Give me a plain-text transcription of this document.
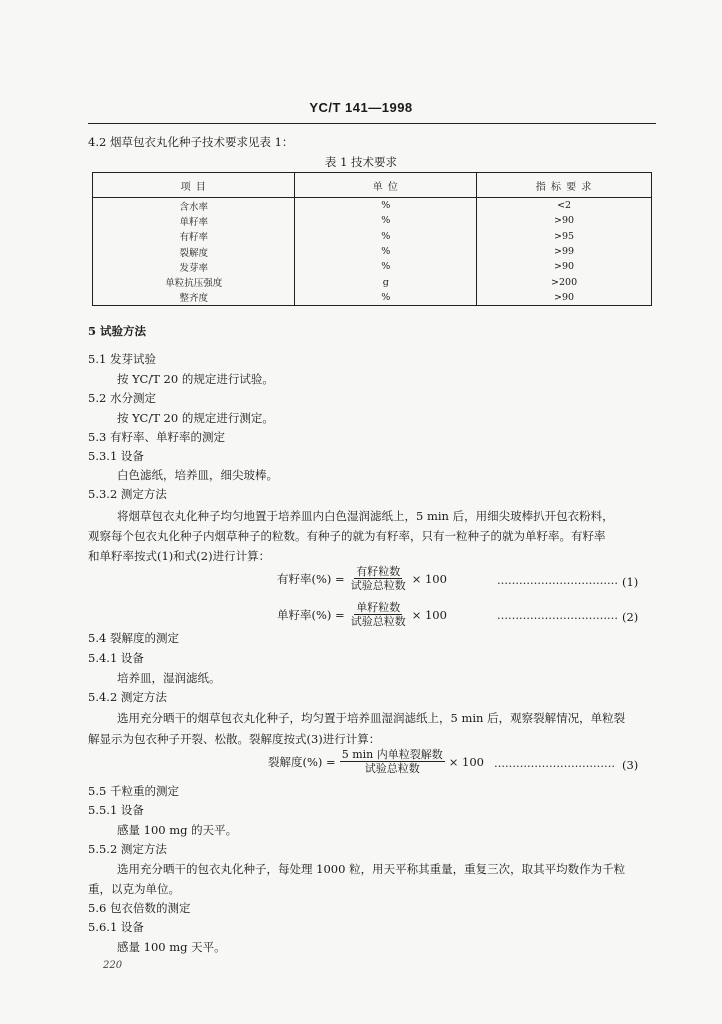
YC/T 141—1998
4.2 烟草包衣丸化种子技术要求见表 1：
表 1 技术要求
项 目	单 位	指 标 要 求
含水率	%	<2
单籽率	%	>90
有籽率	%	>95
裂解度	%	>99
发芽率	%	>90
单粒抗压强度	g	>200
整齐度	%	>90
5 试验方法
5.1 发芽试验
按 YC/T 20 的规定进行试验。
5.2 水分测定
按 YC/T 20 的规定进行测定。
5.3 有籽率、单籽率的测定
5.3.1 设备
白色滤纸，培养皿，细尖玻棒。
5.3.2 测定方法
将烟草包衣丸化种子均匀地置于培养皿内白色湿润滤纸上，5 min 后，用细尖玻棒扒开包衣粉料，
观察每个包衣丸化种子内烟草种子的粒数。有种子的就为有籽率，只有一粒种子的就为单籽率。有籽率
和单籽率按式(1)和式(2)进行计算：
有籽率(%) = $\frac{\text{有籽粒数}}{\text{试验总粒数}} \times 100$	…………………………… (1)
单籽率(%) = $\frac{\text{单籽粒数}}{\text{试验总粒数}} \times 100$	…………………………… (2)
5.4 裂解度的测定
5.4.1 设备
培养皿，湿润滤纸。
5.4.2 测定方法
选用充分晒干的烟草包衣丸化种子，均匀置于培养皿湿润滤纸上，5 min 后，观察裂解情况，单粒裂
解显示为包衣种子开裂、松散。裂解度按式(3)进行计算：
裂解度(%) = $\frac{\text{5 min 内单粒裂解数}}{\text{试验总粒数}} \times 100$ …………………………… (3)
5.5 千粒重的测定
5.5.1 设备
感量 100 mg 的天平。
5.5.2 测定方法
选用充分晒干的包衣丸化种子，每处理 1000 粒，用天平称其重量，重复三次，取其平均数作为千粒
重，以克为单位。
5.6 包衣倍数的测定
5.6.1 设备
感量 100 mg 天平。
220
